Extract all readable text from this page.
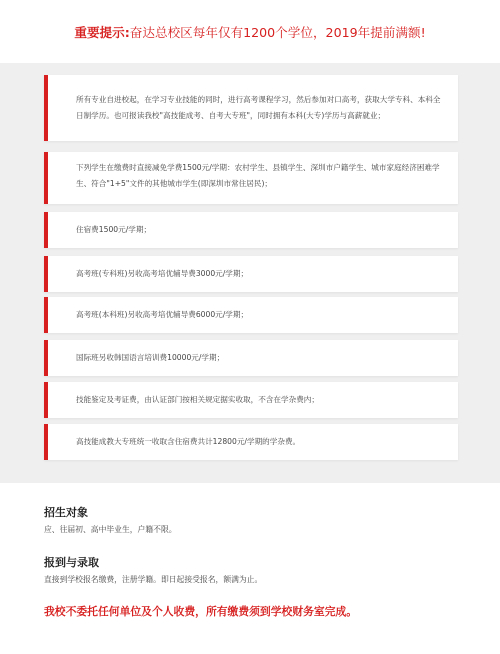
重要提示:奋达总校区每年仅有1200个学位，2019年提前满额!
所有专业自进校起，在学习专业技能的同时，进行高考课程学习，然后参加对口高考，获取大学专科、本科全日制学历。也可报读我校"高技能成考、自考大专班"，同时拥有本科(大专)学历与高薪就业；
下列学生在缴费时直接减免学费1500元/学期：农村学生、县镇学生、深圳市户籍学生、城市家庭经济困难学生、符合"1+5"文件的其他城市学生(即深圳市常住居民)；
住宿费1500元/学期；
高考班(专科班)另收高考培优辅导费3000元/学期；
高考班(本科班)另收高考培优辅导费6000元/学期；
国际班另收韩国语言培训费10000元/学期；
技能鉴定及考证费，由认证部门按相关规定据实收取，不含在学杂费内；
高技能成教大专班统一收取含住宿费共计12800元/学期的学杂费。
招生对象
应、往届初、高中毕业生，户籍不限。
报到与录取
直接到学校报名缴费，注册学籍。即日起接受报名，额满为止。
我校不委托任何单位及个人收费，所有缴费须到学校财务室完成。
